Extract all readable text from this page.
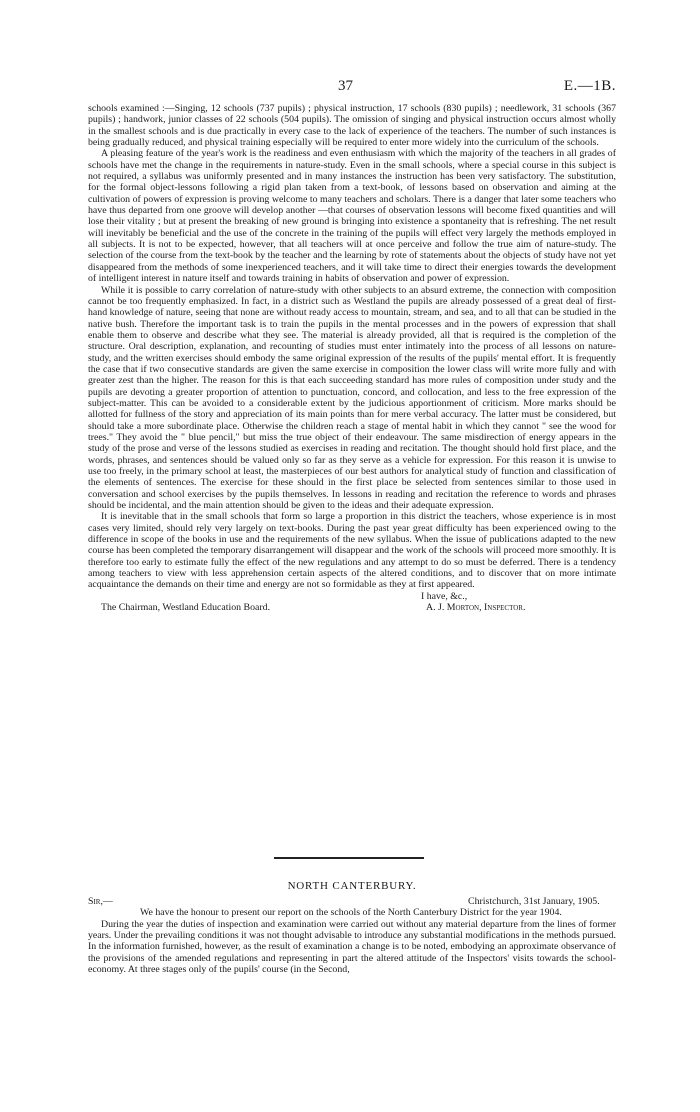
37	E.—1B.

schools examined :—Singing, 12 schools (737 pupils) ; physical instruction, 17 schools (830 pupils) ; needlework, 31 schools (367 pupils) ; handwork, junior classes of 22 schools (504 pupils). The omission of singing and physical instruction occurs almost wholly in the smallest schools and is due practically in every case to the lack of experience of the teachers. The number of such instances is being gradually reduced, and physical training especially will be required to enter more widely into the curriculum of the schools.

A pleasing feature of the year's work is the readiness and even enthusiasm with which the majority of the teachers in all grades of schools have met the change in the requirements in nature-study. Even in the small schools, where a special course in this subject is not required, a syllabus was uniformly presented and in many instances the instruction has been very satisfactory. The substitution, for the formal object-lessons following a rigid plan taken from a text-book, of lessons based on observation and aiming at the cultivation of powers of expression is proving welcome to many teachers and scholars. There is a danger that later some teachers who have thus departed from one groove will develop another —that courses of observation lessons will become fixed quantities and will lose their vitality ; but at present the breaking of new ground is bringing into existence a spontaneity that is refreshing. The net result will inevitably be beneficial and the use of the concrete in the training of the pupils will effect very largely the methods employed in all subjects. It is not to be expected, however, that all teachers will at once perceive and follow the true aim of nature-study. The selection of the course from the text-book by the teacher and the learning by rote of statements about the objects of study have not yet disappeared from the methods of some inexperienced teachers, and it will take time to direct their energies towards the development of intelligent interest in nature itself and towards training in habits of observation and power of expression.

While it is possible to carry correlation of nature-study with other subjects to an absurd extreme, the connection with composition cannot be too frequently emphasized. In fact, in a district such as Westland the pupils are already possessed of a great deal of first-hand knowledge of nature, seeing that none are without ready access to mountain, stream, and sea, and to all that can be studied in the native bush. Therefore the important task is to train the pupils in the mental processes and in the powers of expression that shall enable them to observe and describe what they see. The material is already provided, all that is required is the completion of the structure. Oral description, explanation, and recounting of studies must enter intimately into the process of all lessons on nature-study, and the written exercises should embody the same original expression of the results of the pupils' mental effort. It is frequently the case that if two consecutive standards are given the same exercise in composition the lower class will write more fully and with greater zest than the higher. The reason for this is that each succeeding standard has more rules of composition under study and the pupils are devoting a greater proportion of attention to punctuation, concord, and collocation, and less to the free expression of the subject-matter. This can be avoided to a considerable extent by the judicious apportionment of criticism. More marks should be allotted for fullness of the story and appreciation of its main points than for mere verbal accuracy. The latter must be considered, but should take a more subordinate place. Otherwise the children reach a stage of mental habit in which they cannot " see the wood for trees." They avoid the " blue pencil," but miss the true object of their endeavour. The same misdirection of energy appears in the study of the prose and verse of the lessons studied as exercises in reading and recitation. The thought should hold first place, and the words, phrases, and sentences should be valued only so far as they serve as a vehicle for expression. For this reason it is unwise to use too freely, in the primary school at least, the masterpieces of our best authors for analytical study of function and classification of the elements of sentences. The exercise for these should in the first place be selected from sentences similar to those used in conversation and school exercises by the pupils themselves. In lessons in reading and recitation the reference to words and phrases should be incidental, and the main attention should be given to the ideas and their adequate expression.

It is inevitable that in the small schools that form so large a proportion in this district the teachers, whose experience is in most cases very limited, should rely very largely on text-books. During the past year great difficulty has been experienced owing to the difference in scope of the books in use and the requirements of the new syllabus. When the issue of publications adapted to the new course has been completed the temporary disarrangement will disappear and the work of the schools will proceed more smoothly. It is therefore too early to estimate fully the effect of the new regulations and any attempt to do so must be deferred. There is a tendency among teachers to view with less apprehension certain aspects of the altered conditions, and to discover that on more intimate acquaintance the demands on their time and energy are not so formidable as they at first appeared.

I have, &c.,
The Chairman, Westland Education Board.	A. J. Morton, Inspector.
NORTH CANTERBURY.
Sir,—	Christchurch, 31st January, 1905.

We have the honour to present our report on the schools of the North Canterbury District for the year 1904.

During the year the duties of inspection and examination were carried out without any material departure from the lines of former years. Under the prevailing conditions it was not thought advisable to introduce any substantial modifications in the methods pursued. In the information furnished, however, as the result of examination a change is to be noted, embodying an approximate observance of the provisions of the amended regulations and representing in part the altered attitude of the Inspectors' visits towards the school-economy. At three stages only of the pupils' course (in the Second,
